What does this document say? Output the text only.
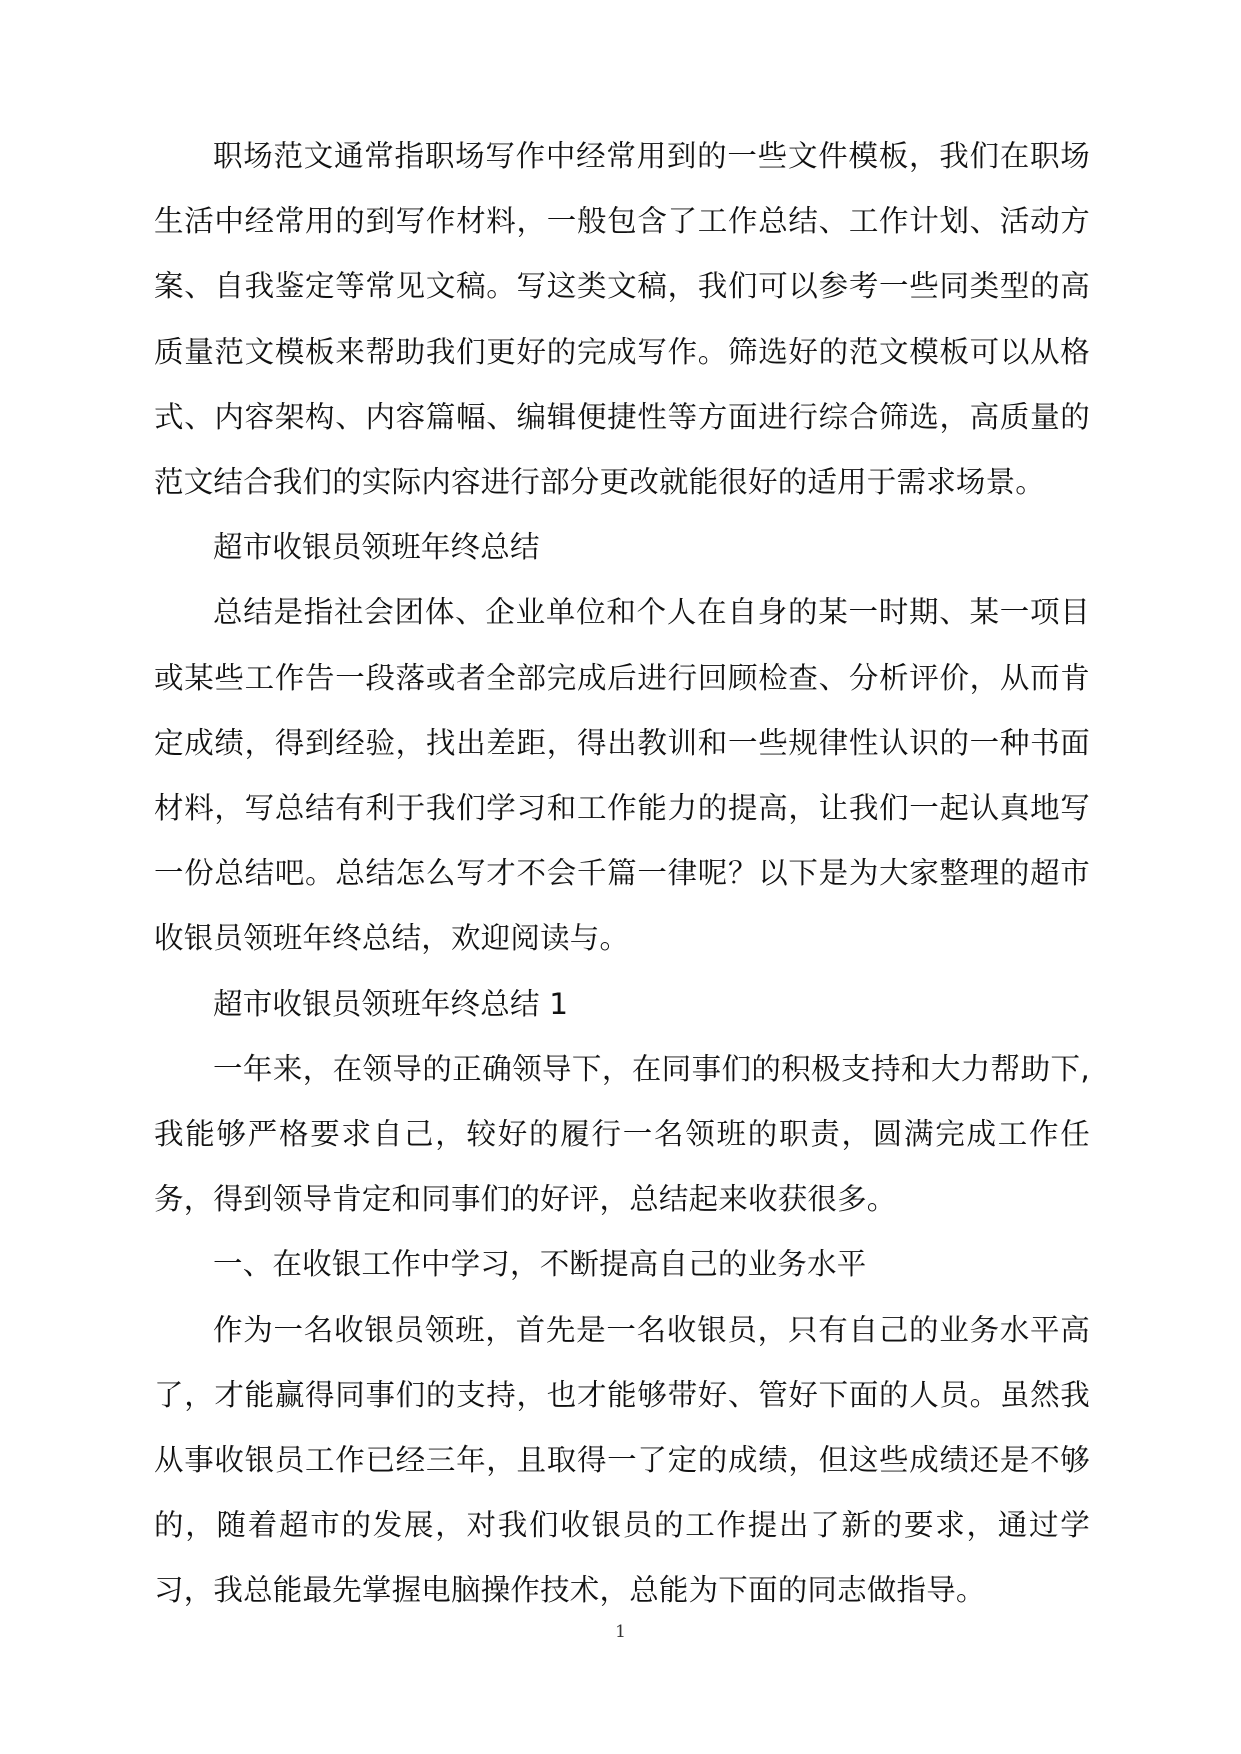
职场范文通常指职场写作中经常用到的一些文件模板，我们在职场生活中经常用的到写作材料，一般包含了工作总结、工作计划、活动方案、自我鉴定等常见文稿。写这类文稿，我们可以参考一些同类型的高质量范文模板来帮助我们更好的完成写作。筛选好的范文模板可以从格式、内容架构、内容篇幅、编辑便捷性等方面进行综合筛选，高质量的范文结合我们的实际内容进行部分更改就能很好的适用于需求场景。

超市收银员领班年终总结

总结是指社会团体、企业单位和个人在自身的某一时期、某一项目或某些工作告一段落或者全部完成后进行回顾检查、分析评价，从而肯定成绩，得到经验，找出差距，得出教训和一些规律性认识的一种书面材料，写总结有利于我们学习和工作能力的提高，让我们一起认真地写一份总结吧。总结怎么写才不会千篇一律呢？以下是为大家整理的超市收银员领班年终总结，欢迎阅读与。

超市收银员领班年终总结 1

一年来，在领导的正确领导下，在同事们的积极支持和大力帮助下,我能够严格要求自己，较好的履行一名领班的职责，圆满完成工作任务，得到领导肯定和同事们的好评，总结起来收获很多。

一、在收银工作中学习，不断提高自己的业务水平

作为一名收银员领班，首先是一名收银员，只有自己的业务水平高了，才能赢得同事们的支持，也才能够带好、管好下面的人员。虽然我从事收银员工作已经三年，且取得一了定的成绩，但这些成绩还是不够的，随着超市的发展，对我们收银员的工作提出了新的要求，通过学习，我总能最先掌握电脑操作技术，总能为下面的同志做指导。

1
